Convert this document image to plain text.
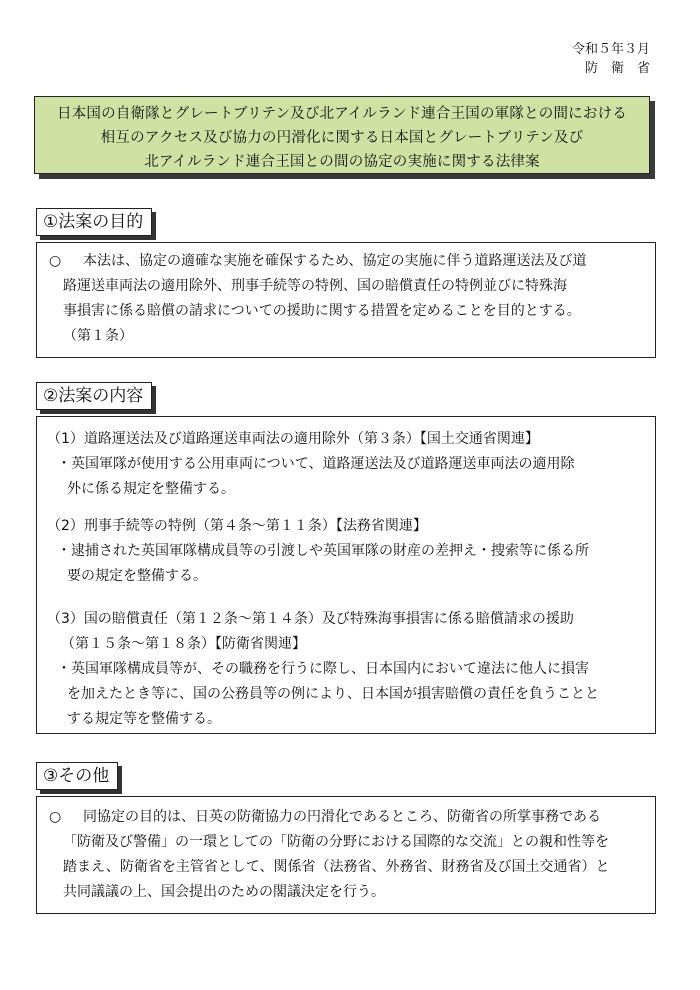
令和５年３月
防　衛　省
日本国の自衛隊とグレートブリテン及び北アイルランド連合王国の軍隊との間における
相互のアクセス及び協力の円滑化に関する日本国とグレートブリテン及び
北アイルランド連合王国との間の協定の実施に関する法律案
①法案の目的
○ 本法は、協定の適確な実施を確保するため、協定の実施に伴う道路運送法及び道
路運送車両法の適用除外、刑事手続等の特例、国の賠償責任の特例並びに特殊海
事損害に係る賠償の請求についての援助に関する措置を定めることを目的とする。
（第１条）
②法案の内容
（1）道路運送法及び道路運送車両法の適用除外（第３条）【国土交通省関連】
・英国軍隊が使用する公用車両について、道路運送法及び道路運送車両法の適用除
外に係る規定を整備する。
（2）刑事手続等の特例（第４条～第１１条）【法務省関連】
・逮捕された英国軍隊構成員等の引渡しや英国軍隊の財産の差押え・捜索等に係る所
要の規定を整備する。
（3）国の賠償責任（第１２条～第１４条）及び特殊海事損害に係る賠償請求の援助
（第１５条～第１８条）【防衛省関連】
・英国軍隊構成員等が、その職務を行うに際し、日本国内において違法に他人に損害
を加えたとき等に、国の公務員等の例により、日本国が損害賠償の責任を負うことと
する規定等を整備する。
③その他
○ 同協定の目的は、日英の防衛協力の円滑化であるところ、防衛省の所掌事務である
「防衛及び警備」の一環としての「防衛の分野における国際的な交流」との親和性等を
踏まえ、防衛省を主管省として、関係省（法務省、外務省、財務省及び国土交通省）と
共同議議の上、国会提出のための閣議決定を行う。
